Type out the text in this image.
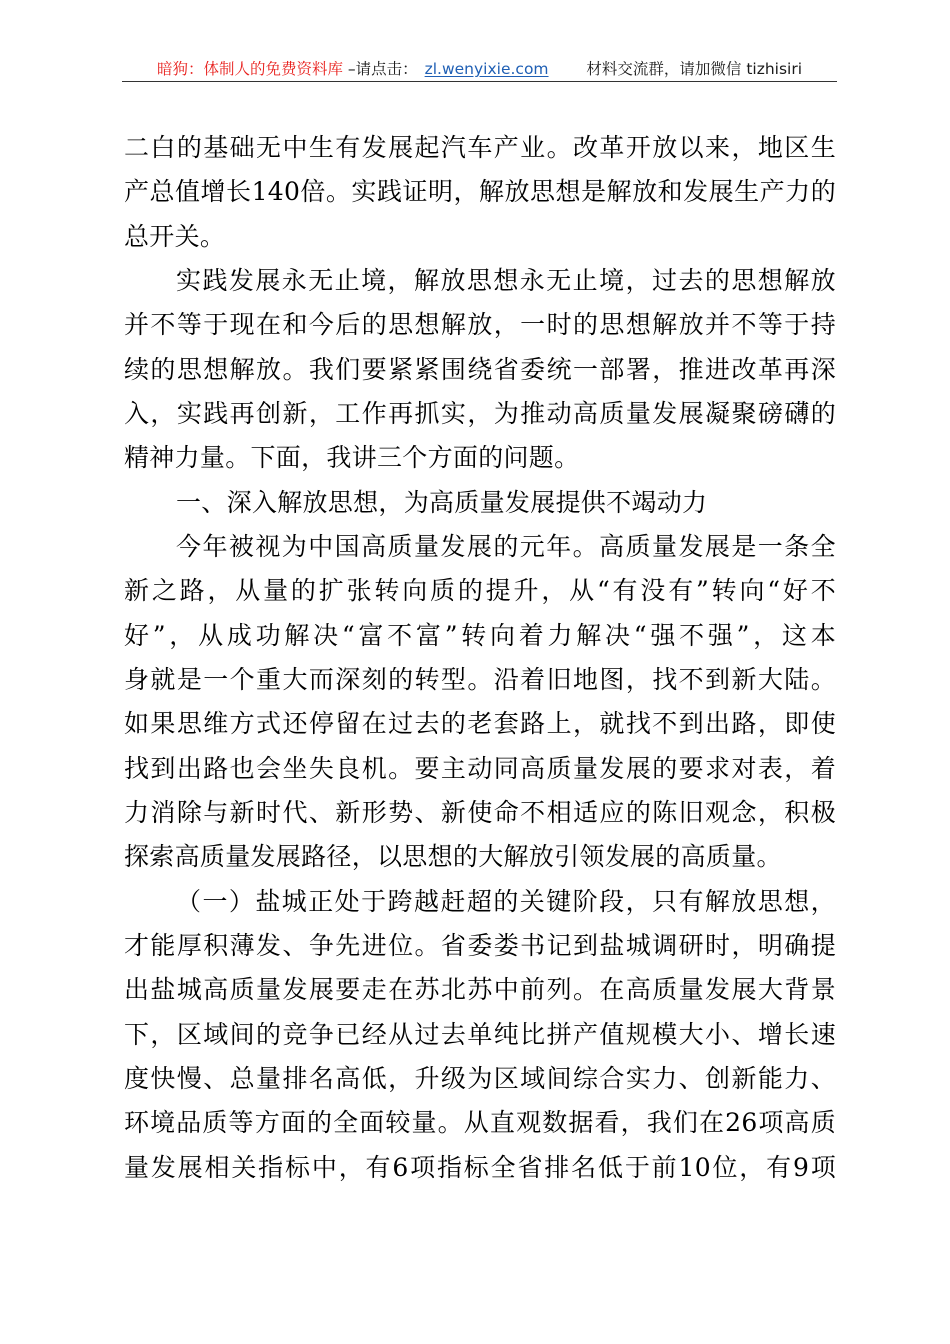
暗狗：体制人的免费资料库 –请点击： zl.wenyixie.com 材料交流群，请加微信 tizhisiri
二白的基础无中生有发展起汽车产业。改革开放以来，地区生
产总值增长140倍。实践证明，解放思想是解放和发展生产力的
总开关。
实践发展永无止境，解放思想永无止境，过去的思想解放
并不等于现在和今后的思想解放，一时的思想解放并不等于持
续的思想解放。我们要紧紧围绕省委统一部署，推进改革再深
入，实践再创新，工作再抓实，为推动高质量发展凝聚磅礴的
精神力量。下面，我讲三个方面的问题。
一、深入解放思想，为高质量发展提供不竭动力
今年被视为中国高质量发展的元年。高质量发展是一条全
新之路，从量的扩张转向质的提升，从“有没有”转向“好不
好”，从成功解决“富不富”转向着力解决“强不强”，这本
身就是一个重大而深刻的转型。沿着旧地图，找不到新大陆。
如果思维方式还停留在过去的老套路上，就找不到出路，即使
找到出路也会坐失良机。要主动同高质量发展的要求对表，着
力消除与新时代、新形势、新使命不相适应的陈旧观念，积极
探索高质量发展路径，以思想的大解放引领发展的高质量。
（一）盐城正处于跨越赶超的关键阶段，只有解放思想，
才能厚积薄发、争先进位。省委娄书记到盐城调研时，明确提
出盐城高质量发展要走在苏北苏中前列。在高质量发展大背景
下，区域间的竞争已经从过去单纯比拼产值规模大小、增长速
度快慢、总量排名高低，升级为区域间综合实力、创新能力、
环境品质等方面的全面较量。从直观数据看，我们在26项高质
量发展相关指标中，有6项指标全省排名低于前10位，有9项
